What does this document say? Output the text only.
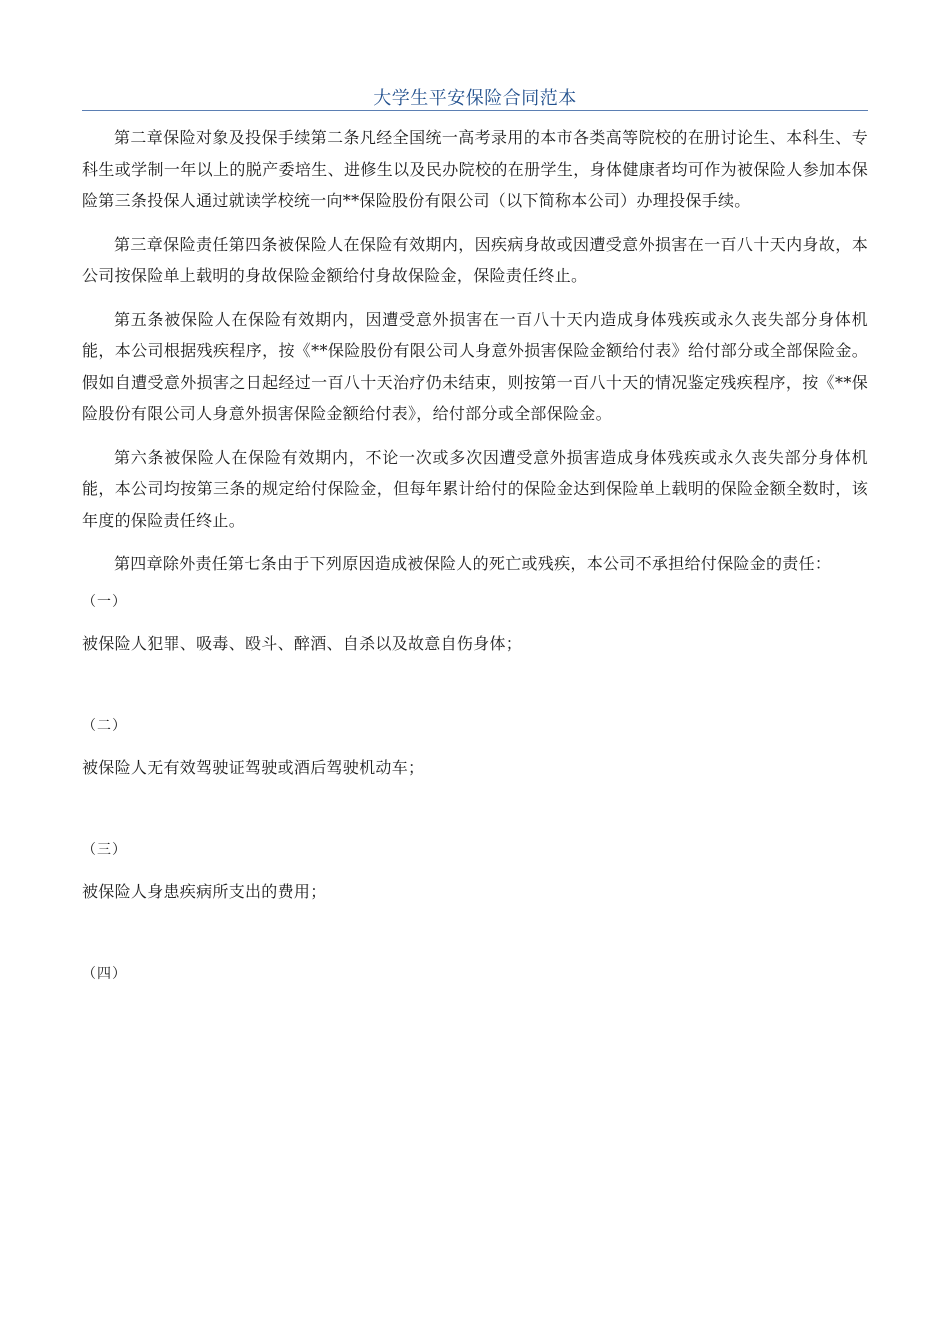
大学生平安保险合同范本

第二章保险对象及投保手续第二条凡经全国统一高考录用的本市各类高等院校的在册讨论生、本科生、专科生或学制一年以上的脱产委培生、进修生以及民办院校的在册学生，身体健康者均可作为被保险人参加本保险第三条投保人通过就读学校统一向**保险股份有限公司（以下简称本公司）办理投保手续。

第三章保险责任第四条被保险人在保险有效期内，因疾病身故或因遭受意外损害在一百八十天内身故，本公司按保险单上载明的身故保险金额给付身故保险金，保险责任终止。

第五条被保险人在保险有效期内，因遭受意外损害在一百八十天内造成身体残疾或永久丧失部分身体机能，本公司根据残疾程序，按《**保险股份有限公司人身意外损害保险金额给付表》给付部分或全部保险金。假如自遭受意外损害之日起经过一百八十天治疗仍未结束，则按第一百八十天的情况鉴定残疾程序，按《**保险股份有限公司人身意外损害保险金额给付表》，给付部分或全部保险金。

第六条被保险人在保险有效期内，不论一次或多次因遭受意外损害造成身体残疾或永久丧失部分身体机能，本公司均按第三条的规定给付保险金，但每年累计给付的保险金达到保险单上载明的保险金额全数时，该年度的保险责任终止。

第四章除外责任第七条由于下列原因造成被保险人的死亡或残疾，本公司不承担给付保险金的责任：

（一）

被保险人犯罪、吸毒、殴斗、醉酒、自杀以及故意自伤身体；

（二）

被保险人无有效驾驶证驾驶或酒后驾驶机动车；

（三）

被保险人身患疾病所支出的费用；

（四）
